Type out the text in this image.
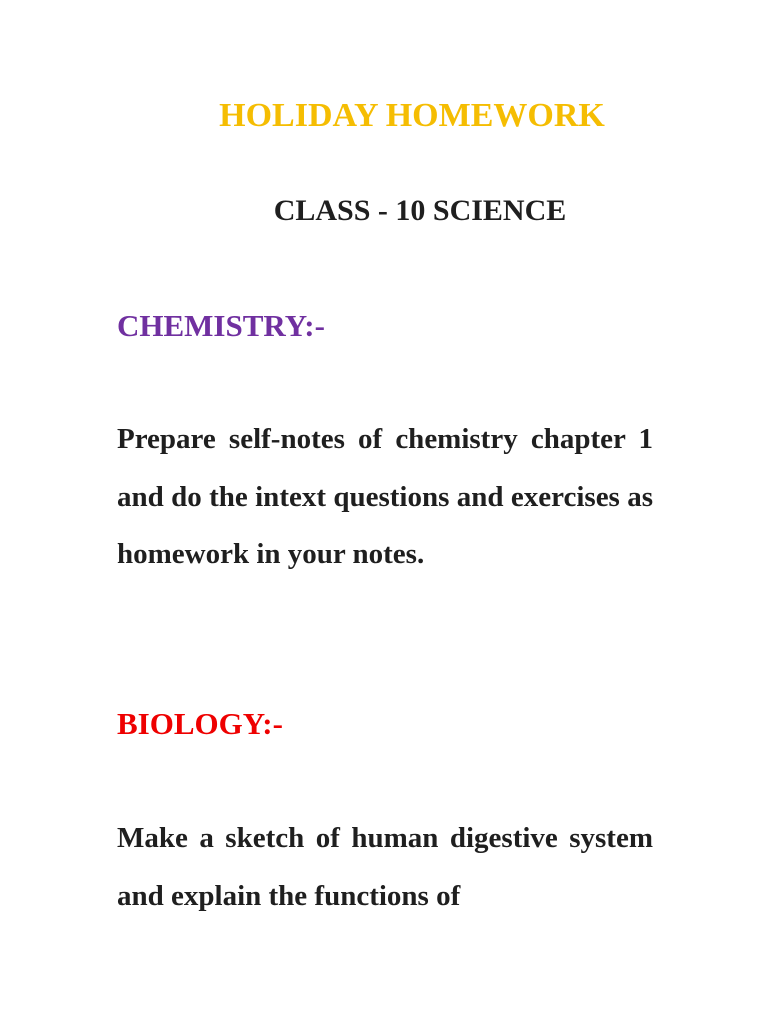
HOLIDAY HOMEWORK
CLASS - 10 SCIENCE
CHEMISTRY:-

Prepare self-notes of chemistry chapter 1 and do the intext questions and exercises as homework in your notes.

BIOLOGY:-

Make a sketch of human digestive system and explain the functions of
